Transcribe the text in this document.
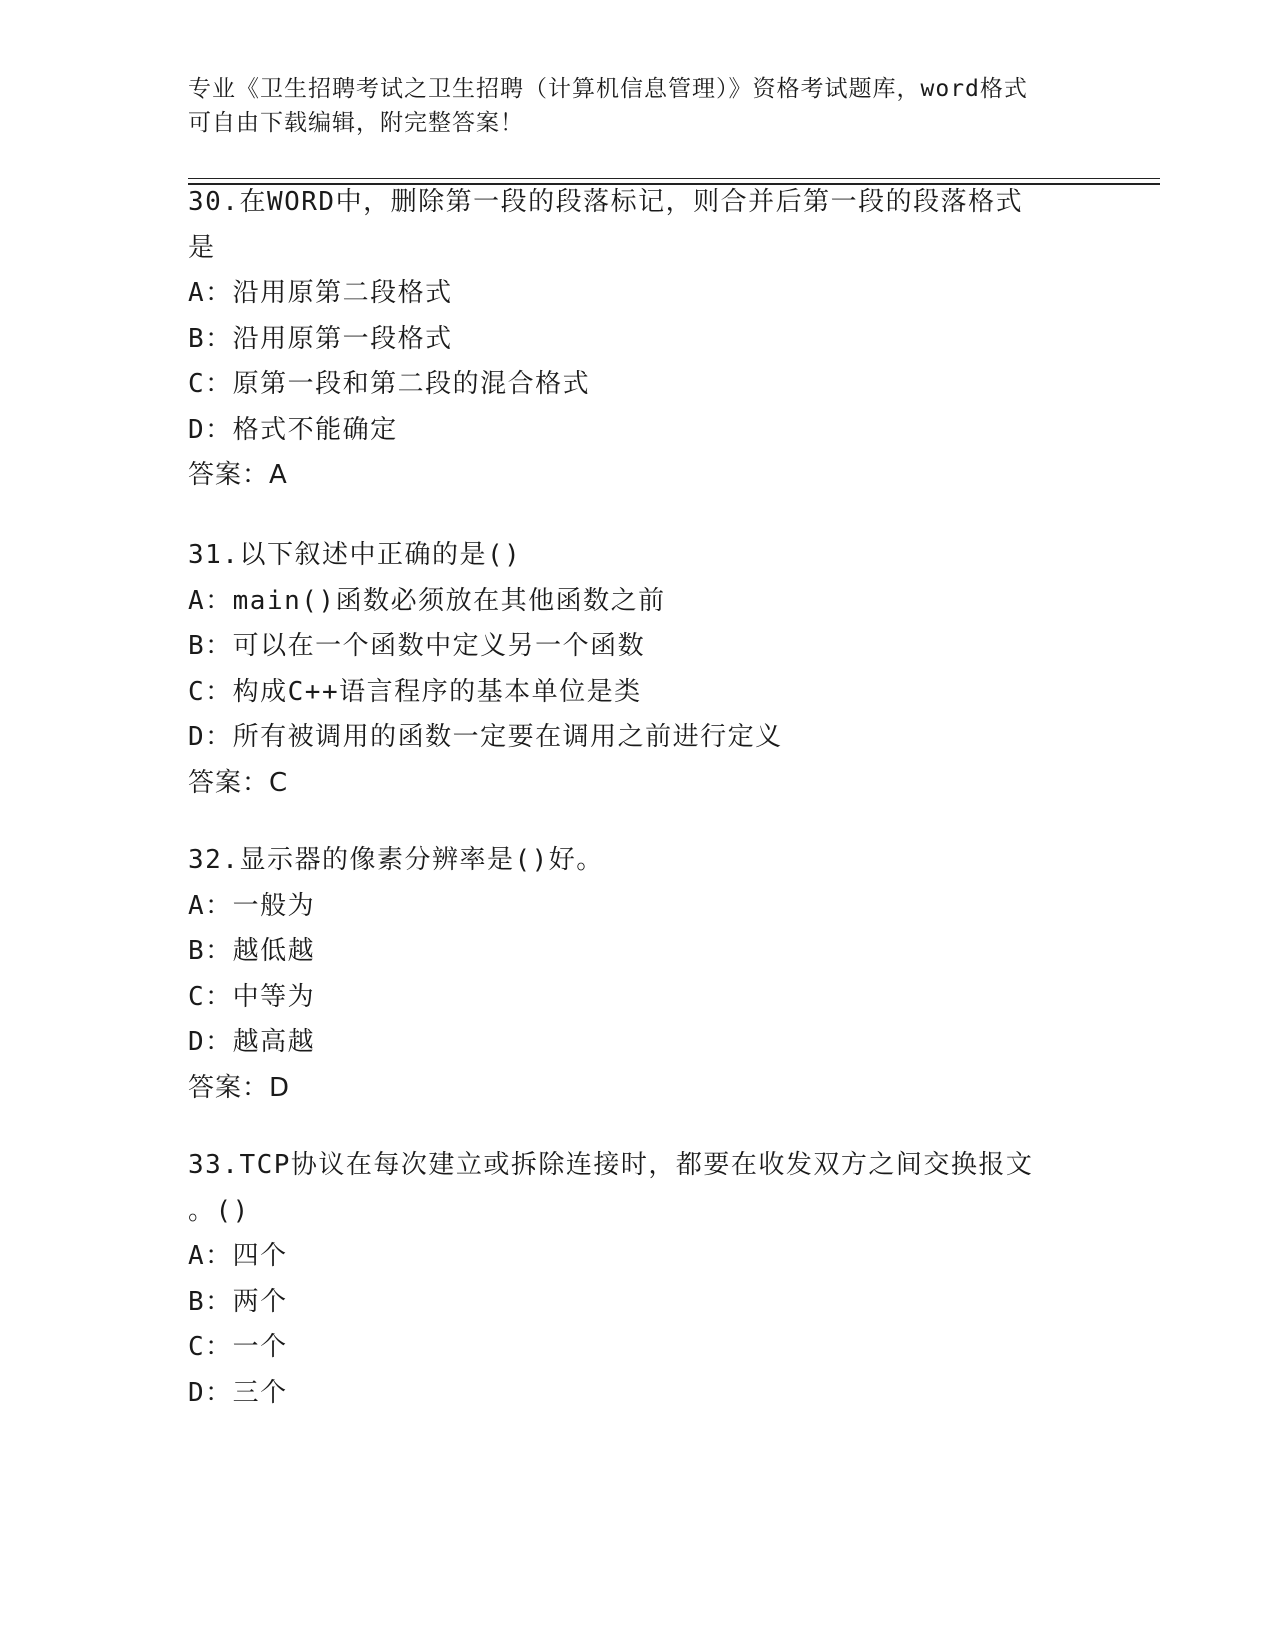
专业《卫生招聘考试之卫生招聘（计算机信息管理）》资格考试题库，word格式
可自由下载编辑，附完整答案！
30.在WORD中，删除第一段的段落标记，则合并后第一段的段落格式
是
A：沿用原第二段格式
B：沿用原第一段格式
C：原第一段和第二段的混合格式
D：格式不能确定
答案：A
31.以下叙述中正确的是()
A：main()函数必须放在其他函数之前
B：可以在一个函数中定义另一个函数
C：构成C++语言程序的基本单位是类
D：所有被调用的函数一定要在调用之前进行定义
答案：C
32.显示器的像素分辨率是()好。
A：一般为
B：越低越
C：中等为
D：越高越
答案：D
33.TCP协议在每次建立或拆除连接时，都要在收发双方之间交换报文
。()
A：四个
B：两个
C：一个
D：三个
